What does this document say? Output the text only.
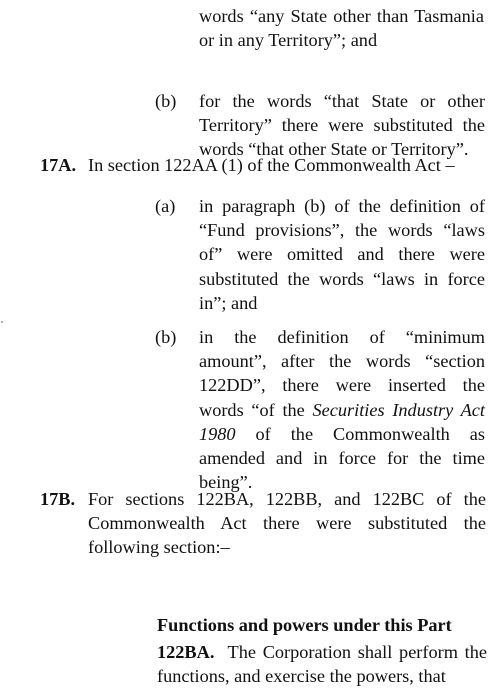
words “any State other than Tasmania or in any Territory”; and
(b) for the words “that State or other Territory” there were substituted the words “that other State or Territory”.
17A. In section 122AA (1) of the Commonwealth Act –
(a) in paragraph (b) of the definition of “Fund provisions”, the words “laws of” were omitted and there were substituted the words “laws in force in”; and
(b) in the definition of “minimum amount”, after the words “section 122DD”, there were inserted the words “of the Securities Industry Act 1980 of the Commonwealth as amended and in force for the time being”.
17B. For sections 122BA, 122BB, and 122BC of the Commonwealth Act there were substituted the following section:–
Functions and powers under this Part
122BA. The Corporation shall perform the functions, and exercise the powers, that
